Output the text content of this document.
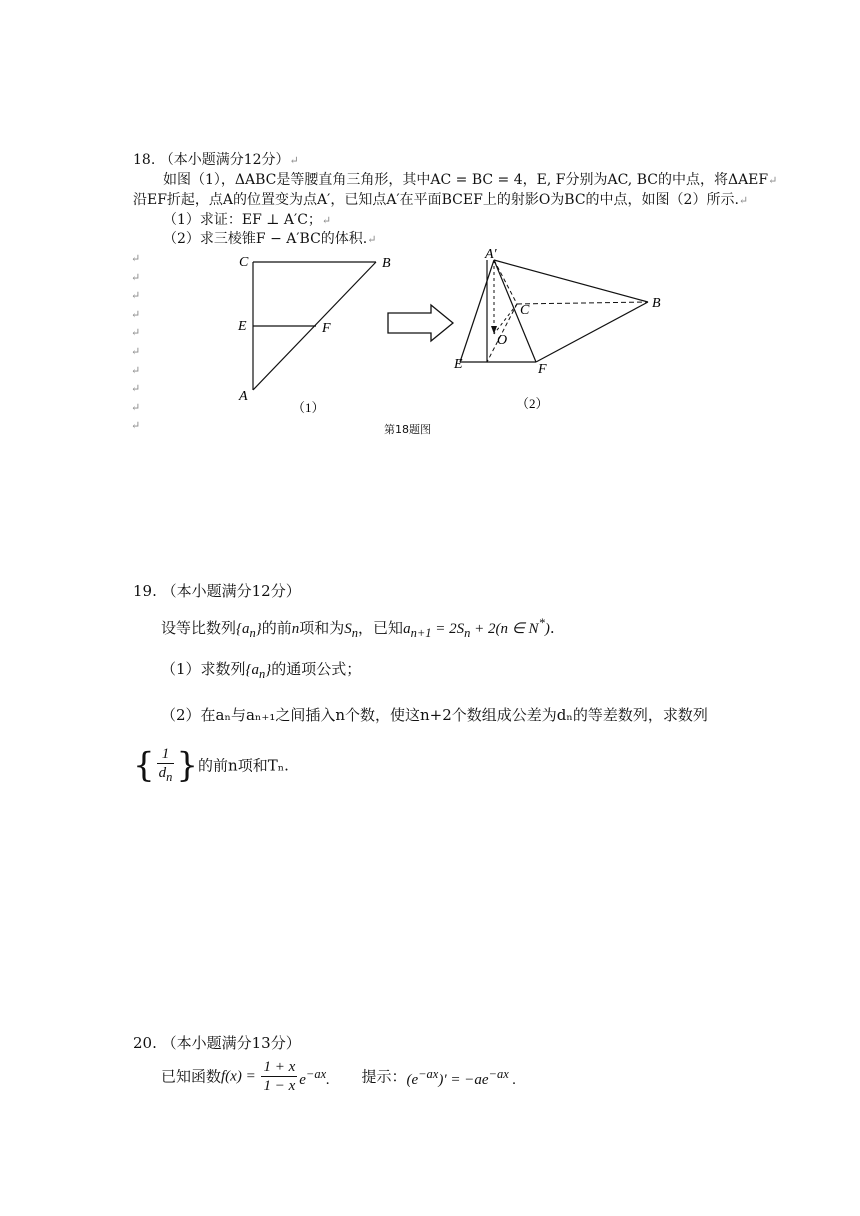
18. （本小题满分12分）↵
如图（1），ΔABC是等腰直角三角形，其中AC = BC = 4，E, F分别为AC, BC的中点，将ΔAEF↵
沿EF折起，点A的位置变为点A′，已知点A′在平面BCEF上的射影O为BC的中点，如图（2）所示.↵
（1）求证：EF ⊥ A′C；↵
（2）求三棱锥F − A′BC的体积.↵
↵
↵
↵
↵
↵
↵
↵
↵
↵
↵
C	B
E	F
A
（1）
A′
C	B
O
E	F
（2）
第18题图
19. （本小题满分12分）
设等比数列$\{a_n\}$的前n项和为$S_n$，已知$a_{n+1} = 2S_n + 2(n$ ∈ N*).
（1）求数列$\{a_n\}$的通项公式；
（2）在aₙ与aₙ₊₁之间插入n个数，使这n+2个数组成公差为dₙ的等差数列，求数列
{ $\frac{1}{d_n}$ }的前n项和Tₙ.
20. （本小题满分13分）
已知函数$f(x) = \frac{1 + x}{1 - x} e^{-ax}$. 提示：$(e^{-ax})' = -ae^{-ax}$ .
